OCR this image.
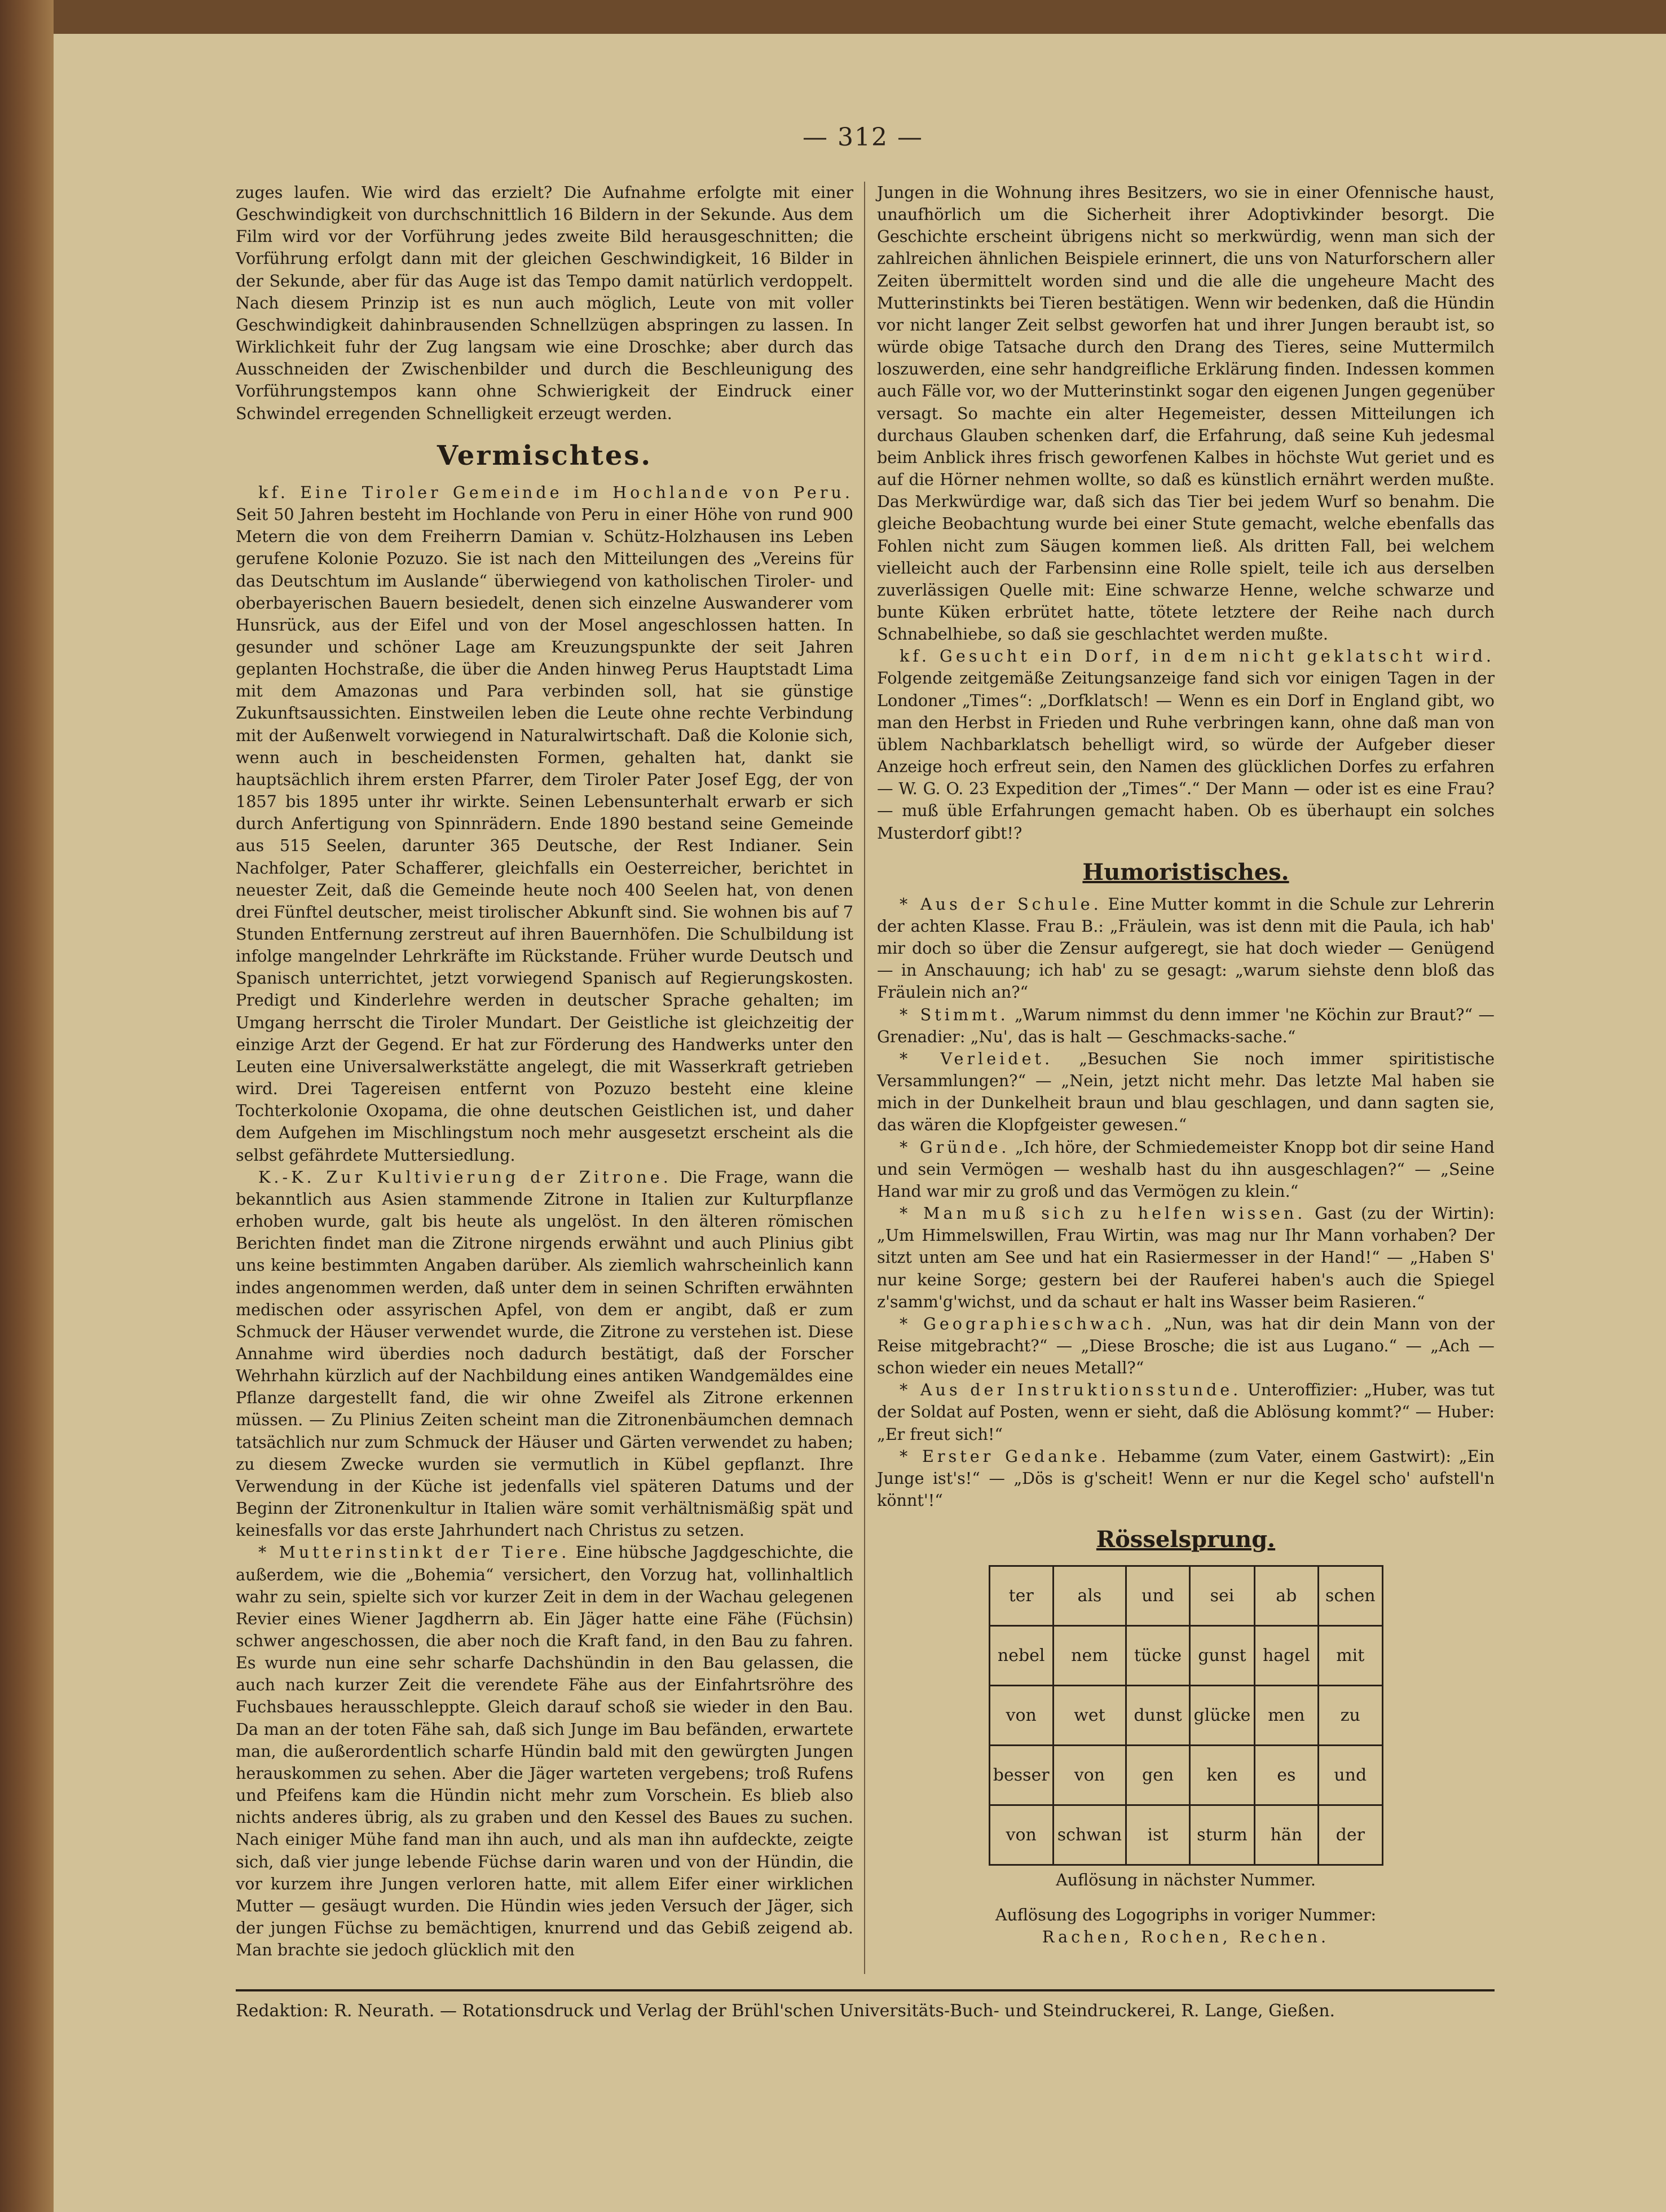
— 312 —

zuges laufen. Wie wird das erzielt? Die Aufnahme erfolgte mit einer Geschwindigkeit von durchschnittlich 16 Bildern in der Sekunde. Aus dem Film wird vor der Vorführung jedes zweite Bild herausgeschnitten; die Vorführung erfolgt dann mit der gleichen Geschwindigkeit, 16 Bilder in der Sekunde, aber für das Auge ist das Tempo damit natürlich verdoppelt. Nach diesem Prinzip ist es nun auch möglich, Leute von mit voller Geschwindigkeit dahinbrausenden Schnellzügen abspringen zu lassen. In Wirklichkeit fuhr der Zug langsam wie eine Droschke; aber durch das Ausschneiden der Zwischenbilder und durch die Beschleunigung des Vorführungstempos kann ohne Schwierigkeit der Eindruck einer Schwindel erregenden Schnelligkeit erzeugt werden.

Vermischtes.

kf. Eine Tiroler Gemeinde im Hochlande von Peru. Seit 50 Jahren besteht im Hochlande von Peru in einer Höhe von rund 900 Metern die von dem Freiherrn Damian v. Schütz-Holzhausen ins Leben gerufene Kolonie Pozuzo. Sie ist nach den Mitteilungen des „Vereins für das Deutschtum im Auslande“ überwiegend von katholischen Tiroler- und oberbayerischen Bauern besiedelt, denen sich einzelne Auswanderer vom Hunsrück, aus der Eifel und von der Mosel angeschlossen hatten. In gesunder und schöner Lage am Kreuzungspunkte der seit Jahren geplanten Hochstraße, die über die Anden hinweg Perus Hauptstadt Lima mit dem Amazonas und Para verbinden soll, hat sie günstige Zukunftsaussichten. Einstweilen leben die Leute ohne rechte Verbindung mit der Außenwelt vorwiegend in Naturalwirtschaft. Daß die Kolonie sich, wenn auch in bescheidensten Formen, gehalten hat, dankt sie hauptsächlich ihrem ersten Pfarrer, dem Tiroler Pater Josef Egg, der von 1857 bis 1895 unter ihr wirkte. Seinen Lebensunterhalt erwarb er sich durch Anfertigung von Spinnrädern. Ende 1890 bestand seine Gemeinde aus 515 Seelen, darunter 365 Deutsche, der Rest Indianer. Sein Nachfolger, Pater Schafferer, gleichfalls ein Oesterreicher, berichtet in neuester Zeit, daß die Gemeinde heute noch 400 Seelen hat, von denen drei Fünftel deutscher, meist tirolischer Abkunft sind. Sie wohnen bis auf 7 Stunden Entfernung zerstreut auf ihren Bauernhöfen. Die Schulbildung ist infolge mangelnder Lehrkräfte im Rückstande. Früher wurde Deutsch und Spanisch unterrichtet, jetzt vorwiegend Spanisch auf Regierungskosten. Predigt und Kinderlehre werden in deutscher Sprache gehalten; im Umgang herrscht die Tiroler Mundart. Der Geistliche ist gleichzeitig der einzige Arzt der Gegend. Er hat zur Förderung des Handwerks unter den Leuten eine Universalwerkstätte angelegt, die mit Wasserkraft getrieben wird. Drei Tagereisen entfernt von Pozuzo besteht eine kleine Tochterkolonie Oxopama, die ohne deutschen Geistlichen ist, und daher dem Aufgehen im Mischlingstum noch mehr ausgesetzt erscheint als die selbst gefährdete Muttersiedlung.

K.-K. Zur Kultivierung der Zitrone. Die Frage, wann die bekanntlich aus Asien stammende Zitrone in Italien zur Kulturpflanze erhoben wurde, galt bis heute als ungelöst. In den älteren römischen Berichten findet man die Zitrone nirgends erwähnt und auch Plinius gibt uns keine bestimmten Angaben darüber. Als ziemlich wahrscheinlich kann indes angenommen werden, daß unter dem in seinen Schriften erwähnten medischen oder assyrischen Apfel, von dem er angibt, daß er zum Schmuck der Häuser verwendet wurde, die Zitrone zu verstehen ist. Diese Annahme wird überdies noch dadurch bestätigt, daß der Forscher Wehrhahn kürzlich auf der Nachbildung eines antiken Wandgemäldes eine Pflanze dargestellt fand, die wir ohne Zweifel als Zitrone erkennen müssen. — Zu Plinius Zeiten scheint man die Zitronenbäumchen demnach tatsächlich nur zum Schmuck der Häuser und Gärten verwendet zu haben; zu diesem Zwecke wurden sie vermutlich in Kübel gepflanzt. Ihre Verwendung in der Küche ist jedenfalls viel späteren Datums und der Beginn der Zitronenkultur in Italien wäre somit verhältnismäßig spät und keinesfalls vor das erste Jahrhundert nach Christus zu setzen.

* Mutterinstinkt der Tiere. Eine hübsche Jagdgeschichte, die außerdem, wie die „Bohemia“ versichert, den Vorzug hat, vollinhaltlich wahr zu sein, spielte sich vor kurzer Zeit in dem in der Wachau gelegenen Revier eines Wiener Jagdherrn ab. Ein Jäger hatte eine Fähe (Füchsin) schwer angeschossen, die aber noch die Kraft fand, in den Bau zu fahren. Es wurde nun eine sehr scharfe Dachshündin in den Bau gelassen, die auch nach kurzer Zeit die verendete Fähe aus der Einfahrtsröhre des Fuchsbaues herausschleppte. Gleich darauf schoß sie wieder in den Bau. Da man an der toten Fähe sah, daß sich Junge im Bau befänden, erwartete man, die außerordentlich scharfe Hündin bald mit den gewürgten Jungen herauskommen zu sehen. Aber die Jäger warteten vergebens; troß Rufens und Pfeifens kam die Hündin nicht mehr zum Vorschein. Es blieb also nichts anderes übrig, als zu graben und den Kessel des Baues zu suchen. Nach einiger Mühe fand man ihn auch, und als man ihn aufdeckte, zeigte sich, daß vier junge lebende Füchse darin waren und von der Hündin, die vor kurzem ihre Jungen verloren hatte, mit allem Eifer einer wirklichen Mutter — gesäugt wurden. Die Hündin wies jeden Versuch der Jäger, sich der jungen Füchse zu bemächtigen, knurrend und das Gebiß zeigend ab. Man brachte sie jedoch glücklich mit den

Jungen in die Wohnung ihres Besitzers, wo sie in einer Ofennische haust, unaufhörlich um die Sicherheit ihrer Adoptivkinder besorgt. Die Geschichte erscheint übrigens nicht so merkwürdig, wenn man sich der zahlreichen ähnlichen Beispiele erinnert, die uns von Naturforschern aller Zeiten übermittelt worden sind und die alle die ungeheure Macht des Mutterinstinkts bei Tieren bestätigen. Wenn wir bedenken, daß die Hündin vor nicht langer Zeit selbst geworfen hat und ihrer Jungen beraubt ist, so würde obige Tatsache durch den Drang des Tieres, seine Muttermilch loszuwerden, eine sehr handgreifliche Erklärung finden. Indessen kommen auch Fälle vor, wo der Mutterinstinkt sogar den eigenen Jungen gegenüber versagt. So machte ein alter Hegemeister, dessen Mitteilungen ich durchaus Glauben schenken darf, die Erfahrung, daß seine Kuh jedesmal beim Anblick ihres frisch geworfenen Kalbes in höchste Wut geriet und es auf die Hörner nehmen wollte, so daß es künstlich ernährt werden mußte. Das Merkwürdige war, daß sich das Tier bei jedem Wurf so benahm. Die gleiche Beobachtung wurde bei einer Stute gemacht, welche ebenfalls das Fohlen nicht zum Säugen kommen ließ. Als dritten Fall, bei welchem vielleicht auch der Farbensinn eine Rolle spielt, teile ich aus derselben zuverlässigen Quelle mit: Eine schwarze Henne, welche schwarze und bunte Küken erbrütet hatte, tötete letztere der Reihe nach durch Schnabelhiebe, so daß sie geschlachtet werden mußte.

kf. Gesucht ein Dorf, in dem nicht geklatscht wird. Folgende zeitgemäße Zeitungsanzeige fand sich vor einigen Tagen in der Londoner „Times“: „Dorfklatsch! — Wenn es ein Dorf in England gibt, wo man den Herbst in Frieden und Ruhe verbringen kann, ohne daß man von üblem Nachbarklatsch behelligt wird, so würde der Aufgeber dieser Anzeige hoch erfreut sein, den Namen des glücklichen Dorfes zu erfahren — W. G. O. 23 Expedition der „Times“.“ Der Mann — oder ist es eine Frau? — muß üble Erfahrungen gemacht haben. Ob es überhaupt ein solches Musterdorf gibt!?

Humoristisches.

* Aus der Schule. Eine Mutter kommt in die Schule zur Lehrerin der achten Klasse. Frau B.: „Fräulein, was ist denn mit die Paula, ich hab' mir doch so über die Zensur aufgeregt, sie hat doch wieder — Genügend — in Anschauung; ich hab' zu se gesagt: „warum siehste denn bloß das Fräulein nich an?“

* Stimmt. „Warum nimmst du denn immer 'ne Köchin zur Braut?“ — Grenadier: „Nu', das is halt — Geschmacks-sache.“

* Verleidet. „Besuchen Sie noch immer spiritistische Versammlungen?“ — „Nein, jetzt nicht mehr. Das letzte Mal haben sie mich in der Dunkelheit braun und blau geschlagen, und dann sagten sie, das wären die Klopfgeister gewesen.“

* Gründe. „Ich höre, der Schmiedemeister Knopp bot dir seine Hand und sein Vermögen — weshalb hast du ihn ausgeschlagen?“ — „Seine Hand war mir zu groß und das Vermögen zu klein.“

* Man muß sich zu helfen wissen. Gast (zu der Wirtin): „Um Himmelswillen, Frau Wirtin, was mag nur Ihr Mann vorhaben? Der sitzt unten am See und hat ein Rasiermesser in der Hand!“ — „Haben S' nur keine Sorge; gestern bei der Rauferei haben's auch die Spiegel z'samm'g'wichst, und da schaut er halt ins Wasser beim Rasieren.“

* Geographieschwach. „Nun, was hat dir dein Mann von der Reise mitgebracht?“ — „Diese Brosche; die ist aus Lugano.“ — „Ach — schon wieder ein neues Metall?“

* Aus der Instruktionsstunde. Unteroffizier: „Huber, was tut der Soldat auf Posten, wenn er sieht, daß die Ablösung kommt?“ — Huber: „Er freut sich!“

* Erster Gedanke. Hebamme (zum Vater, einem Gastwirt): „Ein Junge ist's!“ — „Dös is g'scheit! Wenn er nur die Kegel scho' aufstell'n könnt'!“

Rösselsprung.
ter	als	und	sei	ab	schen
nebel	nem	tücke	gunst	hagel	mit
von	wet	dunst	glücke	men	zu
besser	von	gen	ken	es	und
von	schwan	ist	sturm	hän	der
Auflösung in nächster Nummer.
Auflösung des Logogriphs in voriger Nummer:
Rachen, Rochen, Rechen.
Redaktion: R. Neurath. — Rotationsdruck und Verlag der Brühl'schen Universitäts-Buch- und Steindruckerei, R. Lange, Gießen.
